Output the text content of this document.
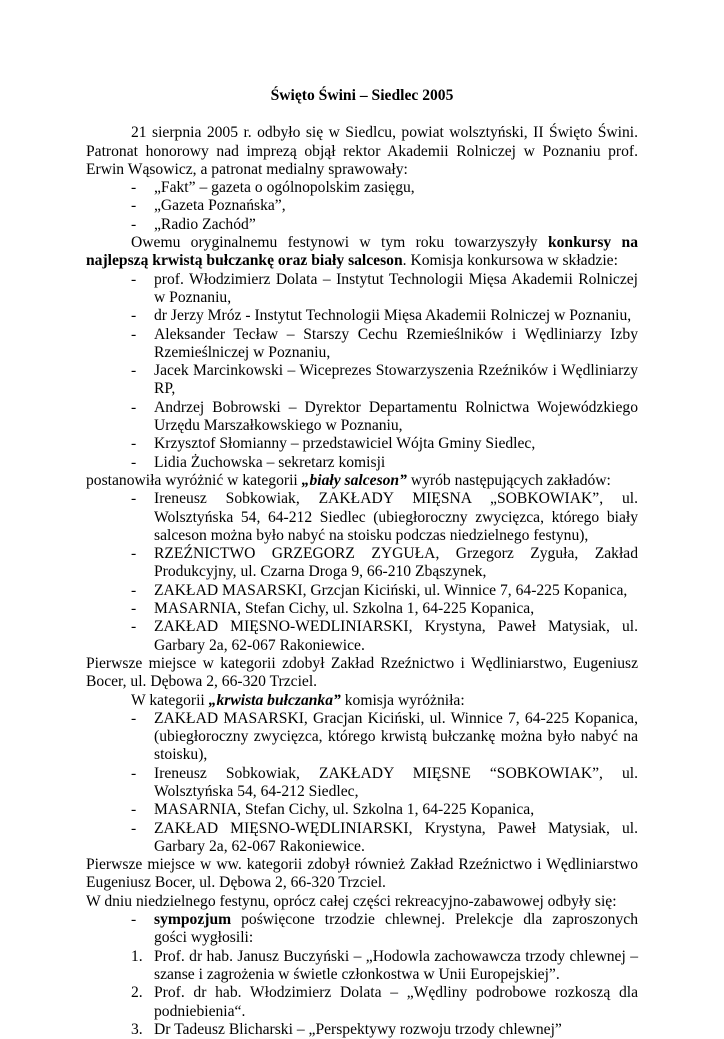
Święto Świni – Siedlec 2005

21 sierpnia 2005 r. odbyło się w Siedlcu, powiat wolsztyński, II Święto Świni. Patronat honorowy nad imprezą objął rektor Akademii Rolniczej w Poznaniu prof. Erwin Wąsowicz, a patronat medialny sprawowały:

- „Fakt” – gazeta o ogólnopolskim zasięgu,
- „Gazeta Poznańska”,
- „Radio Zachód”

Owemu oryginalnemu festynowi w tym roku towarzyszyły konkursy na najlepszą krwistą bułczankę oraz biały salceson. Komisja konkursowa w składzie:

- prof. Włodzimierz Dolata – Instytut Technologii Mięsa Akademii Rolniczej w Poznaniu,
- dr Jerzy Mróz - Instytut Technologii Mięsa Akademii Rolniczej w Poznaniu,
- Aleksander Tecław – Starszy Cechu Rzemieślników i Wędliniarzy Izby Rzemieślniczej w Poznaniu,
- Jacek Marcinkowski – Wiceprezes Stowarzyszenia Rzeźników i Wędliniarzy RP,
- Andrzej Bobrowski – Dyrektor Departamentu Rolnictwa Wojewódzkiego Urzędu Marszałkowskiego w Poznaniu,
- Krzysztof Słomianny – przedstawiciel Wójta Gminy Siedlec,
- Lidia Żuchowska – sekretarz komisji

postanowiła wyróżnić w kategorii „biały salceson” wyrób następujących zakładów:

- Ireneusz Sobkowiak, ZAKŁADY MIĘSNA „SOBKOWIAK”, ul. Wolsztyńska 54, 64-212 Siedlec (ubiegłoroczny zwycięzca, którego biały salceson można było nabyć na stoisku podczas niedzielnego festynu),
- RZEŹNICTWO GRZEGORZ ZYGUŁA, Grzegorz Zyguła, Zakład Produkcyjny, ul. Czarna Droga 9, 66-210 Zbąszynek,
- ZAKŁAD MASARSKI, Grzcjan Kiciński, ul. Winnice 7, 64-225 Kopanica,
- MASARNIA, Stefan Cichy, ul. Szkolna 1, 64-225 Kopanica,
- ZAKŁAD MIĘSNO-WEDLINIARSKI, Krystyna, Paweł Matysiak, ul. Garbary 2a, 62-067 Rakoniewice.

Pierwsze miejsce w kategorii zdobył Zakład Rzeźnictwo i Wędliniarstwo, Eugeniusz Bocer, ul. Dębowa 2, 66-320 Trzciel.

W kategorii „krwista bułczanka” komisja wyróżniła:

- ZAKŁAD MASARSKI, Gracjan Kiciński, ul. Winnice 7, 64-225 Kopanica, (ubiegłoroczny zwycięzca, którego krwistą bułczankę można było nabyć na stoisku),
- Ireneusz Sobkowiak, ZAKŁADY MIĘSNE “SOBKOWIAK”, ul. Wolsztyńska 54, 64-212 Siedlec,
- MASARNIA, Stefan Cichy, ul. Szkolna 1, 64-225 Kopanica,
- ZAKŁAD MIĘSNO-WĘDLINIARSKI, Krystyna, Paweł Matysiak, ul. Garbary 2a, 62-067 Rakoniewice.

Pierwsze miejsce w ww. kategorii zdobył również Zakład Rzeźnictwo i Wędliniarstwo Eugeniusz Bocer, ul. Dębowa 2, 66-320 Trzciel.

W dniu niedzielnego festynu, oprócz całej części rekreacyjno-zabawowej odbyły się:

- sympozjum poświęcone trzodzie chlewnej. Prelekcje dla zaproszonych gości wygłosili:
1. Prof. dr hab. Janusz Buczyński – „Hodowla zachowawcza trzody chlewnej – szanse i zagrożenia w świetle członkostwa w Unii Europejskiej”.
2. Prof. dr hab. Włodzimierz Dolata – „Wędliny podrobowe rozkoszą dla podniebienia“.
3. Dr Tadeusz Blicharski – „Perspektywy rozwoju trzody chlewnej”
